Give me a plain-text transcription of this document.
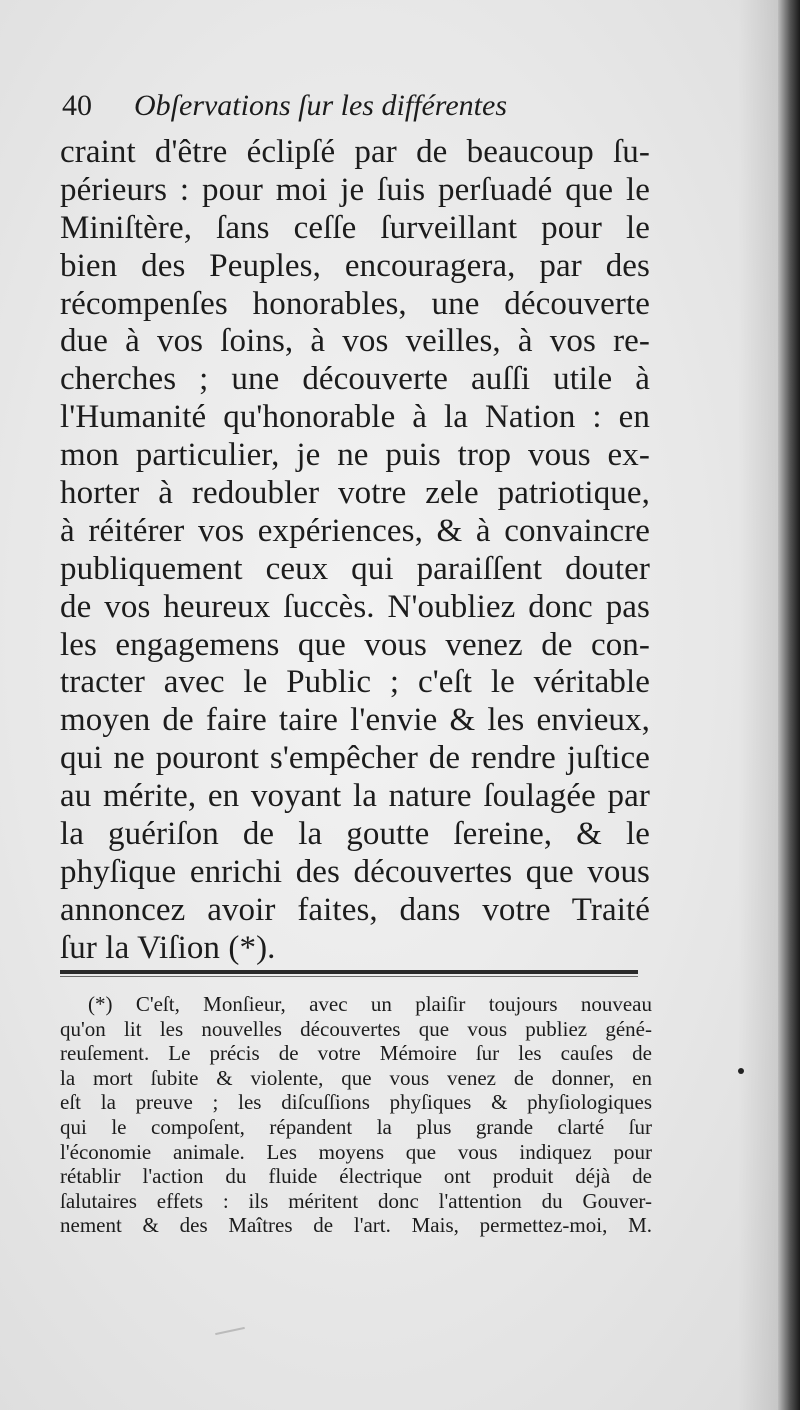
40 Obſervations ſur les différentes
craint d'être éclipſé par de beaucoup ſu-
périeurs : pour moi je ſuis perſuadé que le
Miniſtère, ſans ceſſe ſurveillant pour le
bien des Peuples, encouragera, par des
récompenſes honorables, une découverte
due à vos ſoins, à vos veilles, à vos re-
cherches ; une découverte auſſi utile à
l'Humanité qu'honorable à la Nation : en
mon particulier, je ne puis trop vous ex-
horter à redoubler votre zele patriotique,
à réitérer vos expériences, & à convaincre
publiquement ceux qui paraiſſent douter
de vos heureux ſuccès. N'oubliez donc pas
les engagemens que vous venez de con-
tracter avec le Public ; c'eſt le véritable
moyen de faire taire l'envie & les envieux,
qui ne pouront s'empêcher de rendre juſtice
au mérite, en voyant la nature ſoulagée par
la guériſon de la goutte ſereine, & le
phyſique enrichi des découvertes que vous
annoncez avoir faites, dans votre Traité
ſur la Viſion (*).
(*) C'eſt, Monſieur, avec un plaiſir toujours nouveau
qu'on lit les nouvelles découvertes que vous publiez géné-
reuſement. Le précis de votre Mémoire ſur les cauſes de
la mort ſubite & violente, que vous venez de donner, en
eſt la preuve ; les diſcuſſions phyſiques & phyſiologiques
qui le compoſent, répandent la plus grande clarté ſur
l'économie animale. Les moyens que vous indiquez pour
rétablir l'action du fluide électrique ont produit déjà de
ſalutaires effets : ils méritent donc l'attention du Gouver-
nement & des Maîtres de l'art. Mais, permettez-moi, M.
